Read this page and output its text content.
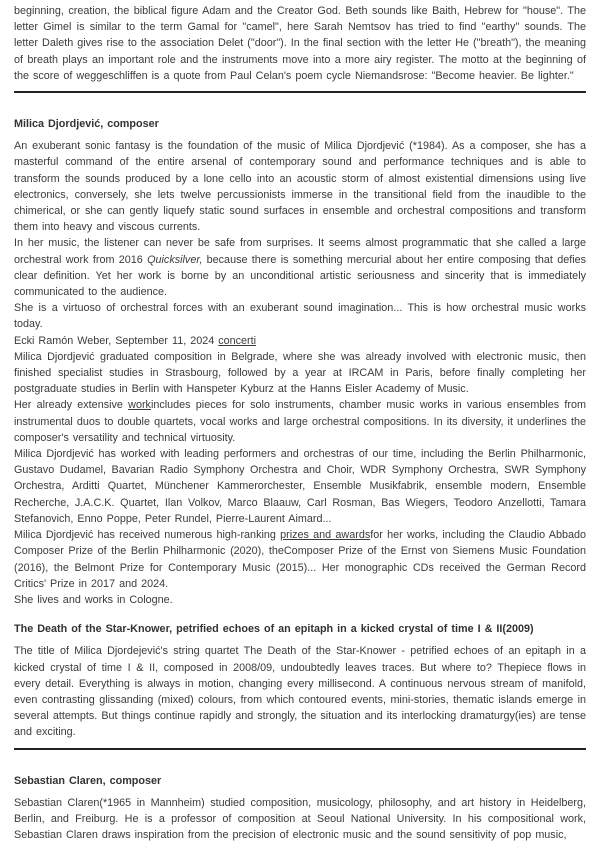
beginning, creation, the biblical figure Adam and the Creator God. Beth sounds like Baith, Hebrew for "house". The letter Gimel is similar to the term Gamal for "camel", here Sarah Nemtsov has tried to find "earthy" sounds. The letter Daleth gives rise to the association Delet ("door"). In the final section with the letter He ("breath"), the meaning of breath plays an important role and the instruments move into a more airy register. The motto at the beginning of the score of weggeschliffen is a quote from Paul Celan's poem cycle Niemandsrose: "Become heavier. Be lighter."

Milica Djordjević, composer

An exuberant sonic fantasy is the foundation of the music of Milica Djordjević (*1984). As a composer, she has a masterful command of the entire arsenal of contemporary sound and performance techniques and is able to transform the sounds produced by a lone cello into an acoustic storm of almost existential dimensions using live electronics, conversely, she lets twelve percussionists immerse in the transitional field from the inaudible to the chimerical, or she can gently liquefy static sound surfaces in ensemble and orchestral compositions and transform them into heavy and viscous currents.

In her music, the listener can never be safe from surprises. It seems almost programmatic that she called a large orchestral work from 2016 Quicksilver, because there is something mercurial about her entire composing that defies clear definition. Yet her work is borne by an unconditional artistic seriousness and sincerity that is immediately communicated to the audience.

She is a virtuoso of orchestral forces with an exuberant sound imagination... This is how orchestral music works today.

Ecki Ramón Weber, September 11, 2024 concerti

Milica Djordjević graduated composition in Belgrade, where she was already involved with electronic music, then finished specialist studies in Strasbourg, followed by a year at IRCAM in Paris, before finally completing her postgraduate studies in Berlin with Hanspeter Kyburz at the Hanns Eisler Academy of Music.

Her already extensive workincludes pieces for solo instruments, chamber music works in various ensembles from instrumental duos to double quartets, vocal works and large orchestral compositions. In its diversity, it underlines the composer's versatility and technical virtuosity.

Milica Djordjević has worked with leading performers and orchestras of our time, including the Berlin Philharmonic, Gustavo Dudamel, Bavarian Radio Symphony Orchestra and Choir, WDR Symphony Orchestra, SWR Symphony Orchestra, Arditti Quartet, Münchener Kammerorchester, Ensemble Musikfabrik, ensemble modern, Ensemble Recherche, J.A.C.K. Quartet, Ilan Volkov, Marco Blaauw, Carl Rosman, Bas Wiegers, Teodoro Anzellotti, Tamara Stefanovich, Enno Poppe, Peter Rundel, Pierre-Laurent Aimard...

Milica Djordjević has received numerous high-ranking prizes and awardsfor her works, including the Claudio Abbado Composer Prize of the Berlin Philharmonic (2020), theComposer Prize of the Ernst von Siemens Music Foundation (2016), the Belmont Prize for Contemporary Music (2015)... Her monographic CDs received the German Record Critics' Prize in 2017 and 2024.

She lives and works in Cologne.

The Death of the Star-Knower, petrified echoes of an epitaph in a kicked crystal of time I & II(2009)

The title of Milica Djordejević's string quartet The Death of the Star-Knower - petrified echoes of an epitaph in a kicked crystal of time I & II, composed in 2008/09, undoubtedly leaves traces. But where to? Thepiece flows in every detail. Everything is always in motion, changing every millisecond. A continuous nervous stream of manifold, even contrasting glissanding (mixed) colours, from which contoured events, mini-stories, thematic islands emerge in several attempts. But things continue rapidly and strongly, the situation and its interlocking dramaturgy(ies) are tense and exciting.

Sebastian Claren, composer

Sebastian Claren(*1965 in Mannheim) studied composition, musicology, philosophy, and art history in Heidelberg, Berlin, and Freiburg. He is a professor of composition at Seoul National University. In his compositional work, Sebastian Claren draws inspiration from the precision of electronic music and the sound sensitivity of pop music,
